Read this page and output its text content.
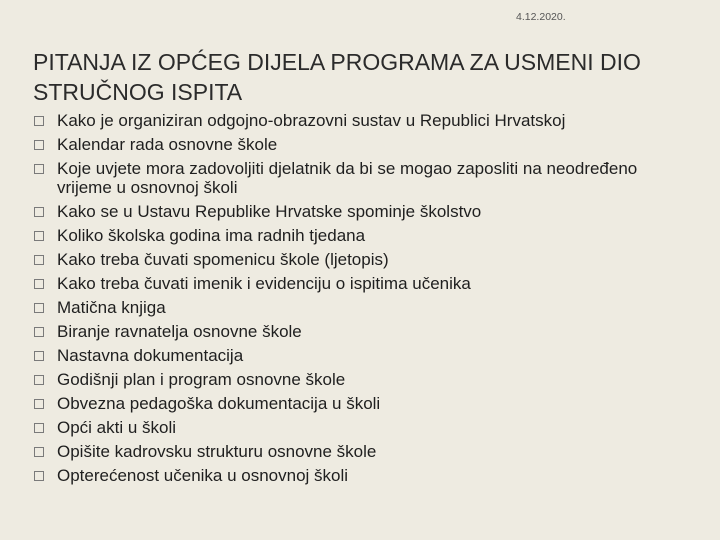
4.12.2020.
PITANJA IZ OPĆEG DIJELA PROGRAMA ZA USMENI DIO STRUČNOG ISPITA
Kako je organiziran odgojno-obrazovni sustav u Republici Hrvatskoj
Kalendar rada osnovne škole
Koje uvjete mora zadovoljiti djelatnik da bi se mogao zaposliti na neodređeno vrijeme u osnovnoj školi
Kako se u Ustavu Republike Hrvatske spominje školstvo
Koliko školska godina ima radnih tjedana
Kako treba čuvati spomenicu škole (ljetopis)
Kako treba čuvati imenik i evidenciju o ispitima učenika
Matična knjiga
Biranje ravnatelja osnovne škole
Nastavna dokumentacija
Godišnji plan i program osnovne škole
Obvezna pedagoška dokumentacija u školi
Opći akti u školi
Opišite kadrovsku strukturu osnovne škole
Opterećenost učenika u osnovnoj školi
